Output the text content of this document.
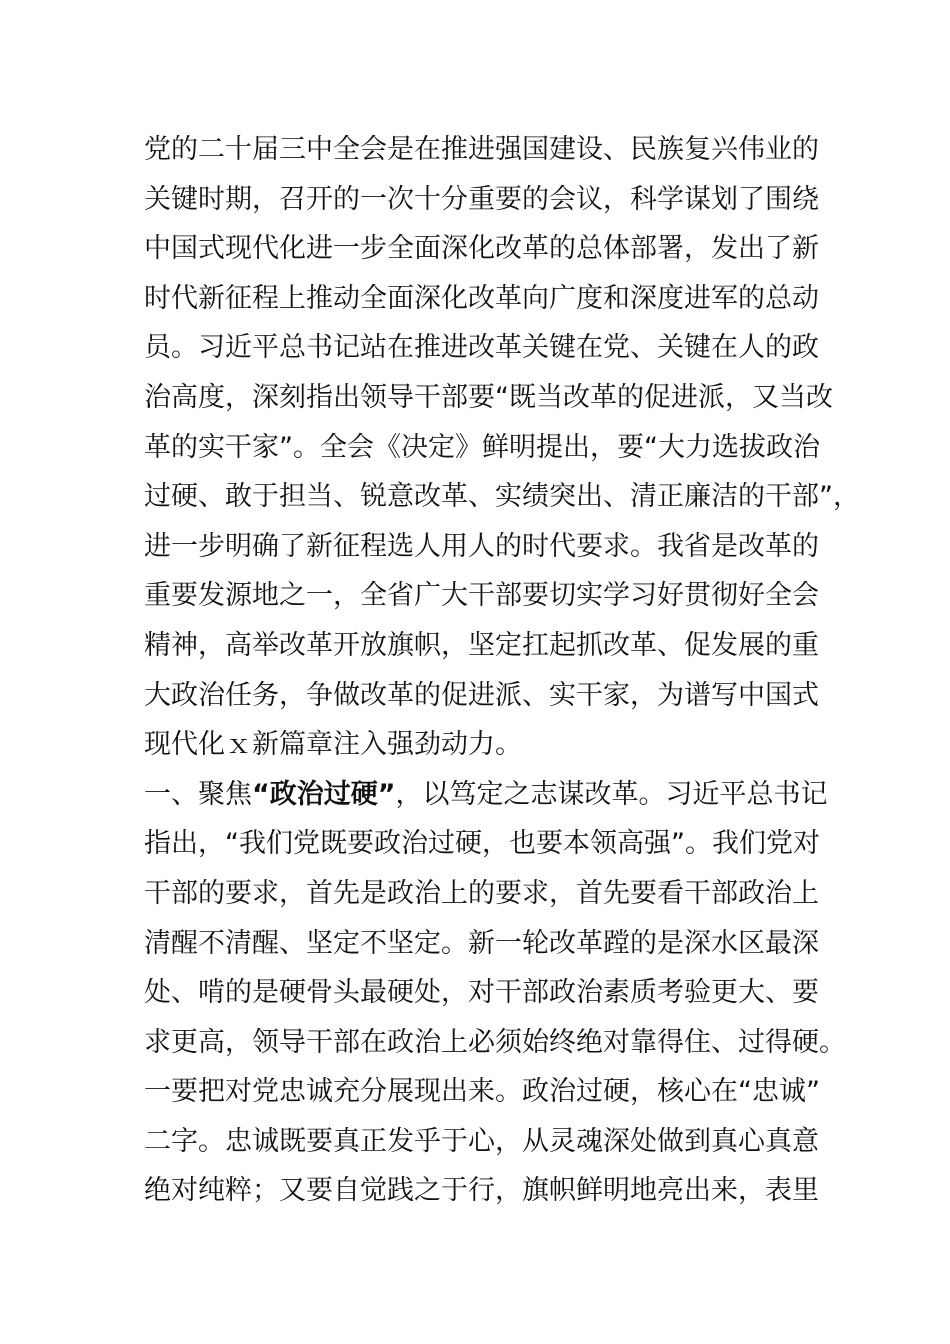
党的二十届三中全会是在推进强国建设、民族复兴伟业的
关键时期，召开的一次十分重要的会议，科学谋划了围绕
中国式现代化进一步全面深化改革的总体部署，发出了新
时代新征程上推动全面深化改革向广度和深度进军的总动
员。习近平总书记站在推进改革关键在党、关键在人的政
治高度，深刻指出领导干部要“既当改革的促进派，又当改
革的实干家”。全会《决定》鲜明提出，要“大力选拔政治
过硬、敢于担当、锐意改革、实绩突出、清正廉洁的干部”，
进一步明确了新征程选人用人的时代要求。我省是改革的
重要发源地之一，全省广大干部要切实学习好贯彻好全会
精神，高举改革开放旗帜，坚定扛起抓改革、促发展的重
大政治任务，争做改革的促进派、实干家，为谱写中国式
现代化ｘ新篇章注入强劲动力。
一、聚焦“政治过硬”，以笃定之志谋改革。习近平总书记
指出，“我们党既要政治过硬，也要本领高强”。我们党对
干部的要求，首先是政治上的要求，首先要看干部政治上
清醒不清醒、坚定不坚定。新一轮改革蹚的是深水区最深
处、啃的是硬骨头最硬处，对干部政治素质考验更大、要
求更高，领导干部在政治上必须始终绝对靠得住、过得硬。
一要把对党忠诚充分展现出来。政治过硬，核心在“忠诚”
二字。忠诚既要真正发乎于心，从灵魂深处做到真心真意
绝对纯粹；又要自觉践之于行，旗帜鲜明地亮出来，表里
